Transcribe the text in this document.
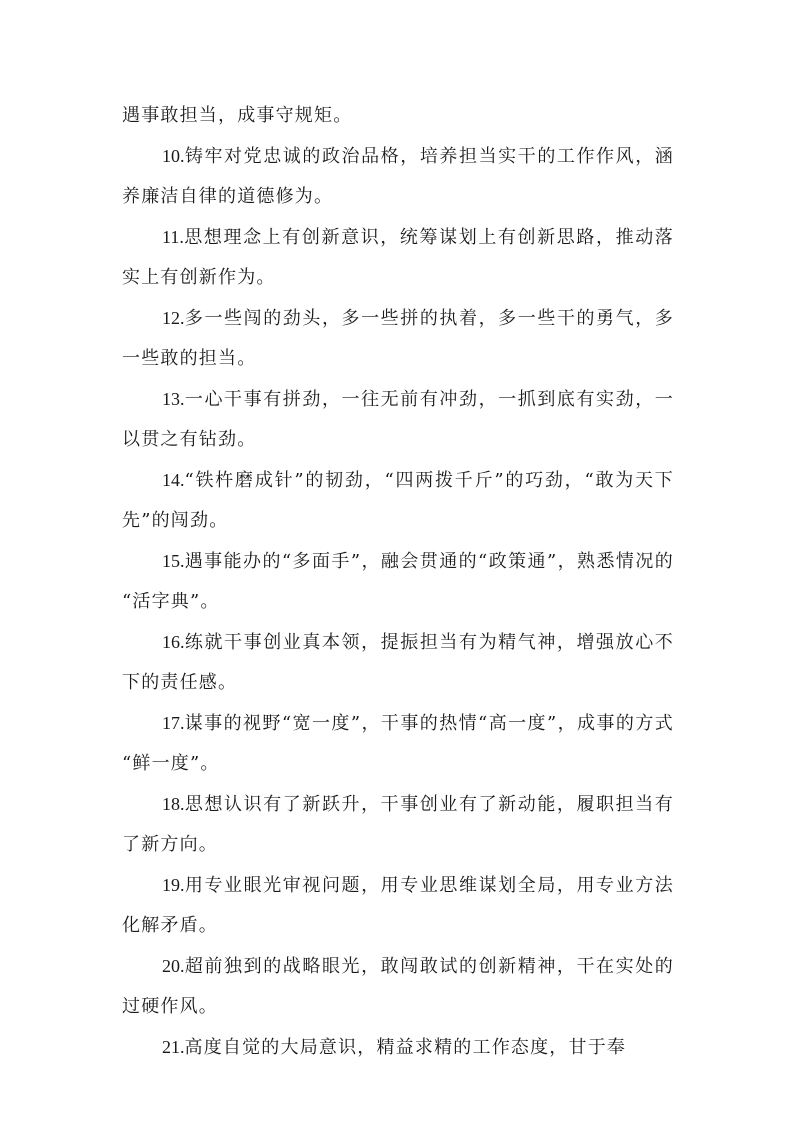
遇事敢担当，成事守规矩。

10.铸牢对党忠诚的政治品格，培养担当实干的工作作风，涵养廉洁自律的道德修为。

11.思想理念上有创新意识，统筹谋划上有创新思路，推动落实上有创新作为。

12.多一些闯的劲头，多一些拼的执着，多一些干的勇气，多一些敢的担当。

13.一心干事有拼劲，一往无前有冲劲，一抓到底有实劲，一以贯之有钻劲。

14.“铁杵磨成针”的韧劲，“四两拨千斤”的巧劲，“敢为天下先”的闯劲。

15.遇事能办的“多面手”，融会贯通的“政策通”，熟悉情况的“活字典”。

16.练就干事创业真本领，提振担当有为精气神，增强放心不下的责任感。

17.谋事的视野“宽一度”，干事的热情“高一度”，成事的方式“鲜一度”。

18.思想认识有了新跃升，干事创业有了新动能，履职担当有了新方向。

19.用专业眼光审视问题，用专业思维谋划全局，用专业方法化解矛盾。

20.超前独到的战略眼光，敢闯敢试的创新精神，干在实处的过硬作风。

21.高度自觉的大局意识，精益求精的工作态度，甘于奉
